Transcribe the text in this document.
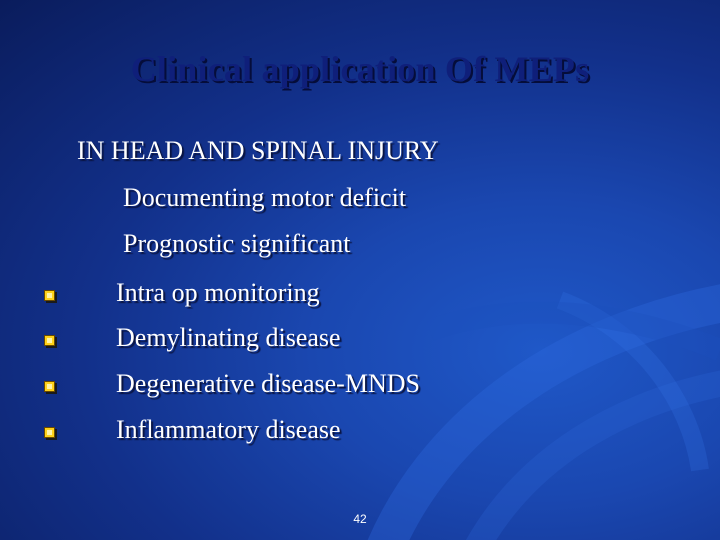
Clinical application Of MEPs
IN HEAD AND SPINAL INJURY
Documenting motor deficit
Prognostic significant
Intra op monitoring
Demylinating disease
Degenerative disease-MNDS
Inflammatory disease
42
